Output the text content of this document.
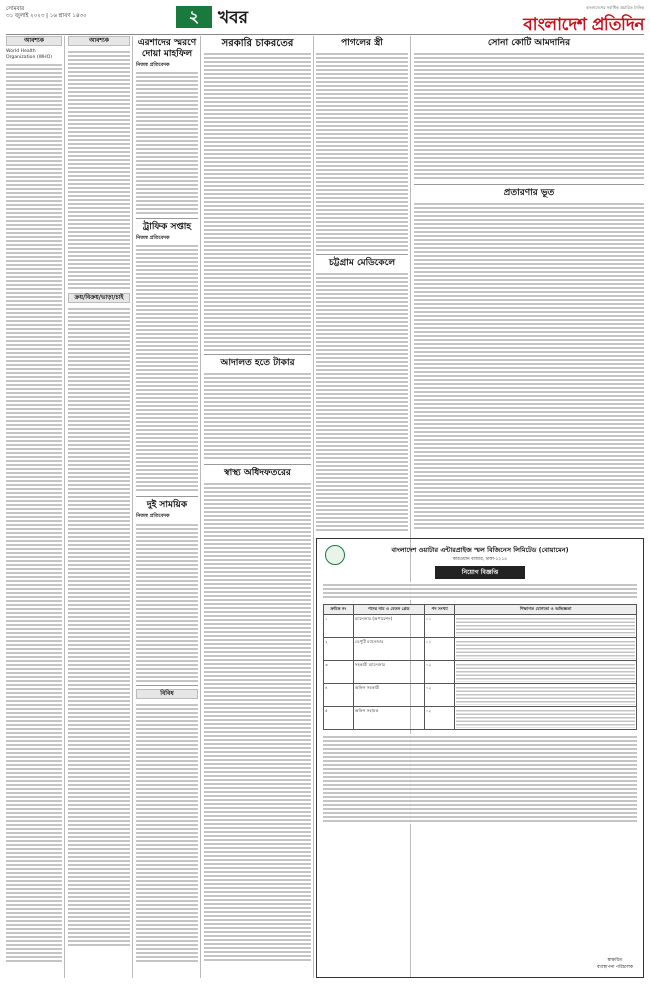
সোমবার
৩১ জুলাই ২০২৩ | ১৬ শ্রাবণ ১৪৩০	২	খবর
বাংলাদেশের সর্বাধিক প্রচারিত দৈনিক
বাংলাদেশ প্রতিদিন
আবশ্যক
World Health Organization (WHO)
আবশ্যক
ক্রয়/বিক্রয়/ভাড়া/চাই
এরশাদের স্মরণে দোয়া মাহফিল
নিজস্ব প্রতিবেদক
ট্রাফিক সপ্তাহ
নিজস্ব প্রতিবেদক
দুই সাময়িক
নিজস্ব প্রতিবেদক
বিবিধ
সরকারি চাকরতের
আদালত হতে টাকার
স্বাস্থ্য অধিদফতরের
পাগলের স্ত্রী
চট্টগ্রাম মেডিকেলে
সোনা কোটি আমদানির
প্রতারণার ভূত
বাংলাদেশ ওয়াটার এন্টারপ্রাইজ স্মল বিজিনেস লিমিটেড (বোয়ামেন)
কারওয়ান বাজার, ঢাকা-১২১৫
নিয়োগ বিজ্ঞপ্তি
ক্রমিক নং	পদের নাম ও বেতন গ্রেড	পদ সংখ্যা	শিক্ষাগত যোগ্যতা ও অভিজ্ঞতা
১	ম্যানেজার (অপারেশন)	০১	

২	ডেপুটি ম্যানেজার	০১	

৩	সহকারী ম্যানেজার	০২	

৪	অফিস সহকারী	০২	

৫	অফিস সহায়ক	০২	
স্বাক্ষরিত
ব্যবস্থাপনা পরিচালক
